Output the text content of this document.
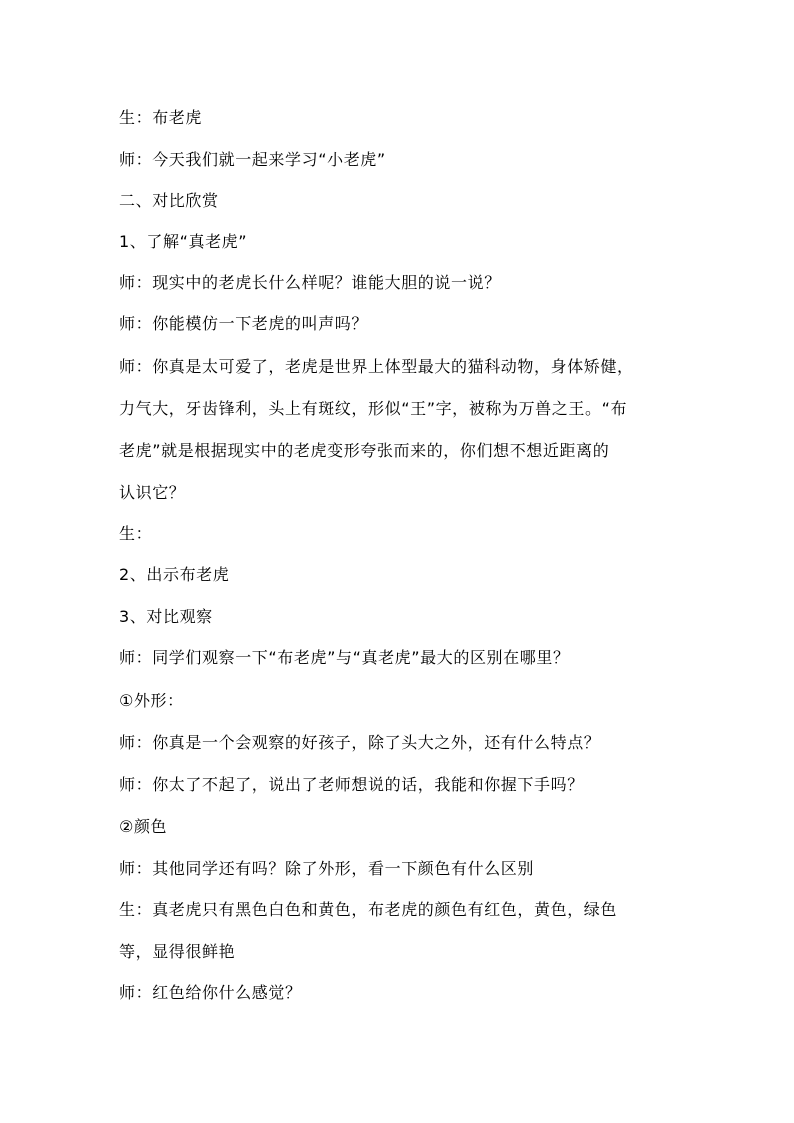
生：布老虎
师：今天我们就一起来学习“小老虎”
二、对比欣赏
1、了解“真老虎”
师：现实中的老虎长什么样呢？谁能大胆的说一说？
师：你能模仿一下老虎的叫声吗？
师：你真是太可爱了，老虎是世界上体型最大的猫科动物，身体矫健，
力气大，牙齿锋利，头上有斑纹，形似“王”字，被称为万兽之王。“布
老虎”就是根据现实中的老虎变形夸张而来的，你们想不想近距离的
认识它？
生：
2、出示布老虎
3、对比观察
师：同学们观察一下“布老虎”与“真老虎”最大的区别在哪里？
①外形：
师：你真是一个会观察的好孩子，除了头大之外，还有什么特点？
师：你太了不起了，说出了老师想说的话，我能和你握下手吗？
②颜色
师：其他同学还有吗？除了外形，看一下颜色有什么区别
生：真老虎只有黑色白色和黄色，布老虎的颜色有红色，黄色，绿色
等，显得很鲜艳
师：红色给你什么感觉？
